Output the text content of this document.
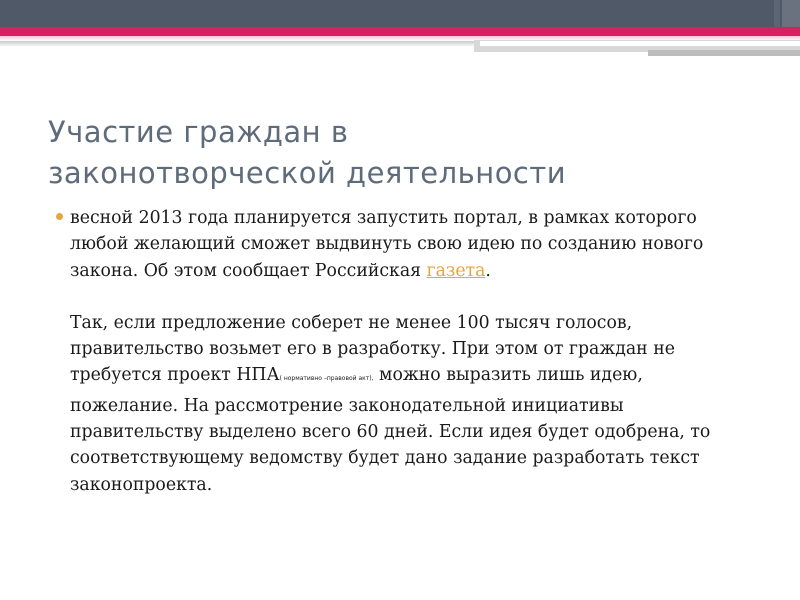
Участие граждан в
законотворческой деятельности
весной 2013 года планируется запустить портал, в рамках которого любой желающий сможет выдвинуть свою идею по созданию нового закона. Об этом сообщает Российская газета.
Так, если предложение соберет не менее 100 тысяч голосов, правительство возьмет его в разработку. При этом от граждан не требуется проект НПА( нормативно –правовой акт), можно выразить лишь идею, пожелание. На рассмотрение законодательной инициативы правительству выделено всего 60 дней. Если идея будет одобрена, то соответствующему ведомству будет дано задание разработать текст законопроекта.
